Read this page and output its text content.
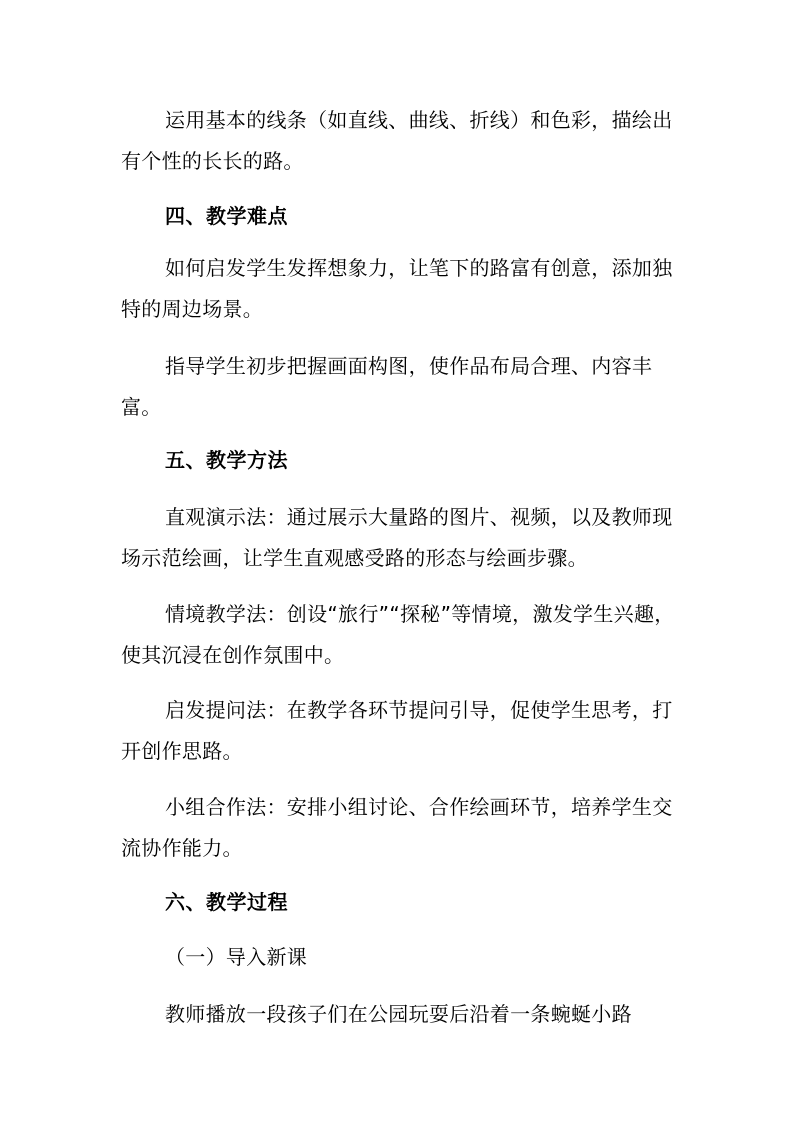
运用基本的线条（如直线、曲线、折线）和色彩，描绘出有个性的长长的路。

四、教学难点

如何启发学生发挥想象力，让笔下的路富有创意，添加独特的周边场景。

指导学生初步把握画面构图，使作品布局合理、内容丰富。

五、教学方法

直观演示法：通过展示大量路的图片、视频，以及教师现场示范绘画，让学生直观感受路的形态与绘画步骤。

情境教学法：创设“旅行”“探秘”等情境，激发学生兴趣，使其沉浸在创作氛围中。

启发提问法：在教学各环节提问引导，促使学生思考，打开创作思路。

小组合作法：安排小组讨论、合作绘画环节，培养学生交流协作能力。

六、教学过程

（一）导入新课

教师播放一段孩子们在公园玩耍后沿着一条蜿蜒小路
